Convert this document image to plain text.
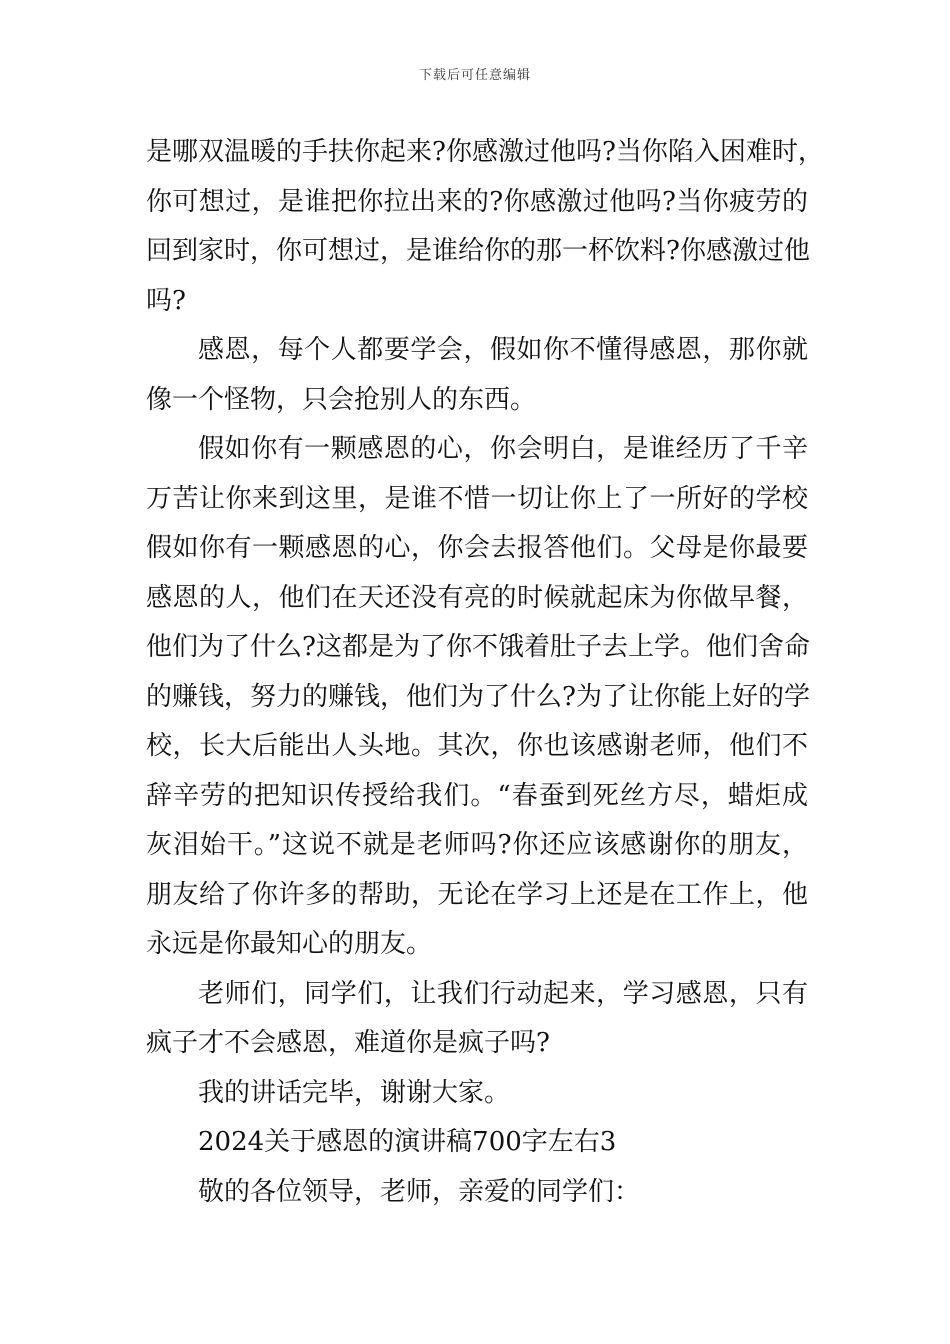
下载后可任意编辑
是哪双温暖的手扶你起来?你感激过他吗?当你陷入困难时，
你可想过，是谁把你拉出来的?你感激过他吗?当你疲劳的
回到家时，你可想过，是谁给你的那一杯饮料?你感激过他
吗?
感恩，每个人都要学会，假如你不懂得感恩，那你就
像一个怪物，只会抢别人的东西。
假如你有一颗感恩的心，你会明白，是谁经历了千辛
万苦让你来到这里，是谁不惜一切让你上了一所好的学校
假如你有一颗感恩的心，你会去报答他们。父母是你最要
感恩的人，他们在天还没有亮的时候就起床为你做早餐，
他们为了什么?这都是为了你不饿着肚子去上学。他们舍命
的赚钱，努力的赚钱，他们为了什么?为了让你能上好的学
校，长大后能出人头地。其次，你也该感谢老师，他们不
辞辛劳的把知识传授给我们。“春蚕到死丝方尽，蜡炬成
灰泪始干。”这说不就是老师吗?你还应该感谢你的朋友，
朋友给了你许多的帮助，无论在学习上还是在工作上，他
永远是你最知心的朋友。
老师们，同学们，让我们行动起来，学习感恩，只有
疯子才不会感恩，难道你是疯子吗?
我的讲话完毕，谢谢大家。
2024关于感恩的演讲稿700字左右3
敬的各位领导，老师，亲爱的同学们：
